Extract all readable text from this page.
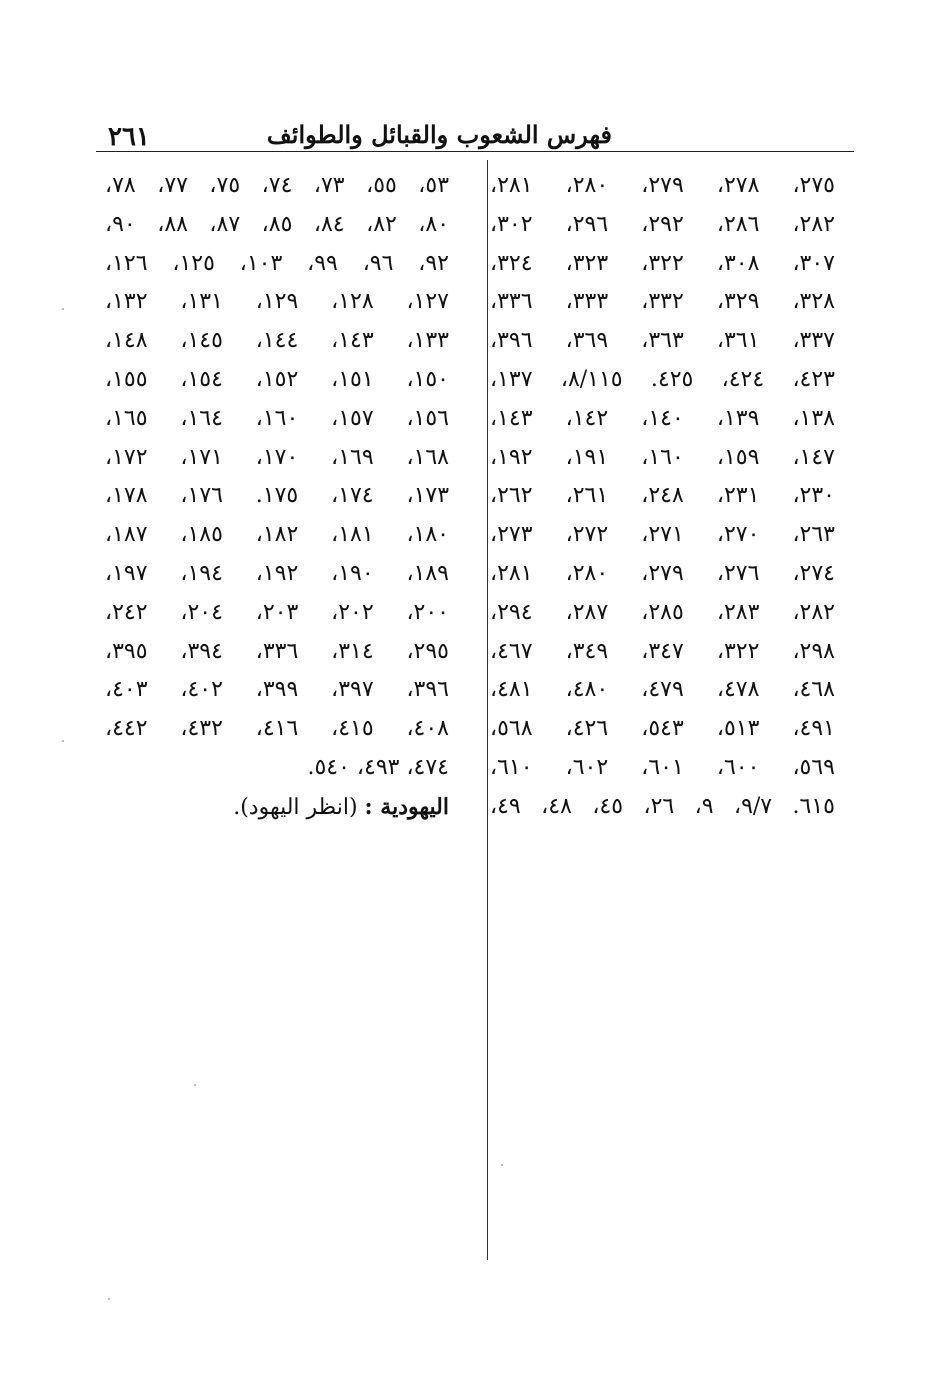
٢٦١	فهرس الشعوب والقبائل والطوائف
٢٧٥، ٢٧٨، ٢٧٩، ٢٨٠، ٢٨١،
٢٨٢، ٢٨٦، ٢٩٢، ٢٩٦، ٣٠٢،
٣٠٧، ٣٠٨، ٣٢٢، ٣٢٣، ٣٢٤،
٣٢٨، ٣٢٩، ٣٣٢، ٣٣٣، ٣٣٦،
٣٣٧، ٣٦١، ٣٦٣، ٣٦٩، ٣٩٦،
٤٢٣، ٤٢٤، ٤٢٥. ٨/١١٥، ١٣٧،
١٣٨، ١٣٩، ١٤٠، ١٤٢، ١٤٣،
١٤٧، ١٥٩، ١٦٠، ١٩١، ١٩٢،
٢٣٠، ٢٣١، ٢٤٨، ٢٦١، ٢٦٢،
٢٦٣، ٢٧٠، ٢٧١، ٢٧٢، ٢٧٣،
٢٧٤، ٢٧٦، ٢٧٩، ٢٨٠، ٢٨١،
٢٨٢، ٢٨٣، ٢٨٥، ٢٨٧، ٢٩٤،
٢٩٨، ٣٢٢، ٣٤٧، ٣٤٩، ٤٦٧،
٤٦٨، ٤٧٨، ٤٧٩، ٤٨٠، ٤٨١،
٤٩١، ٥١٣، ٥٤٣، ٤٢٦، ٥٦٨،
٥٦٩، ٦٠٠، ٦٠١، ٦٠٢، ٦١٠،
٦١٥. ٩/٧، ٩، ٢٦، ٤٥، ٤٨، ٤٩،
٥٣، ٥٥، ٧٣، ٧٤، ٧٥، ٧٧، ٧٨،
٨٠، ٨٢، ٨٤، ٨٥، ٨٧، ٨٨، ٩٠،
٩٢، ٩٦، ٩٩، ١٠٣، ١٢٥، ١٢٦،
١٢٧، ١٢٨، ١٢٩، ١٣١، ١٣٢،
١٣٣، ١٤٣، ١٤٤، ١٤٥، ١٤٨،
١٥٠، ١٥١، ١٥٢، ١٥٤، ١٥٥،
١٥٦، ١٥٧، ١٦٠، ١٦٤، ١٦٥،
١٦٨، ١٦٩، ١٧٠، ١٧١، ١٧٢،
١٧٣، ١٧٤، ١٧٥. ١٧٦، ١٧٨،
١٨٠، ١٨١، ١٨٢، ١٨٥، ١٨٧،
١٨٩، ١٩٠، ١٩٢، ١٩٤، ١٩٧،
٢٠٠، ٢٠٢، ٢٠٣، ٢٠٤، ٢٤٢،
٢٩٥، ٣١٤، ٣٣٦، ٣٩٤، ٣٩٥،
٣٩٦، ٣٩٧، ٣٩٩، ٤٠٢، ٤٠٣،
٤٠٨، ٤١٥، ٤١٦، ٤٣٢، ٤٤٢،
٤٧٤، ٤٩٣، ٥٤٠.
اليهودية : (انظر اليهود).
